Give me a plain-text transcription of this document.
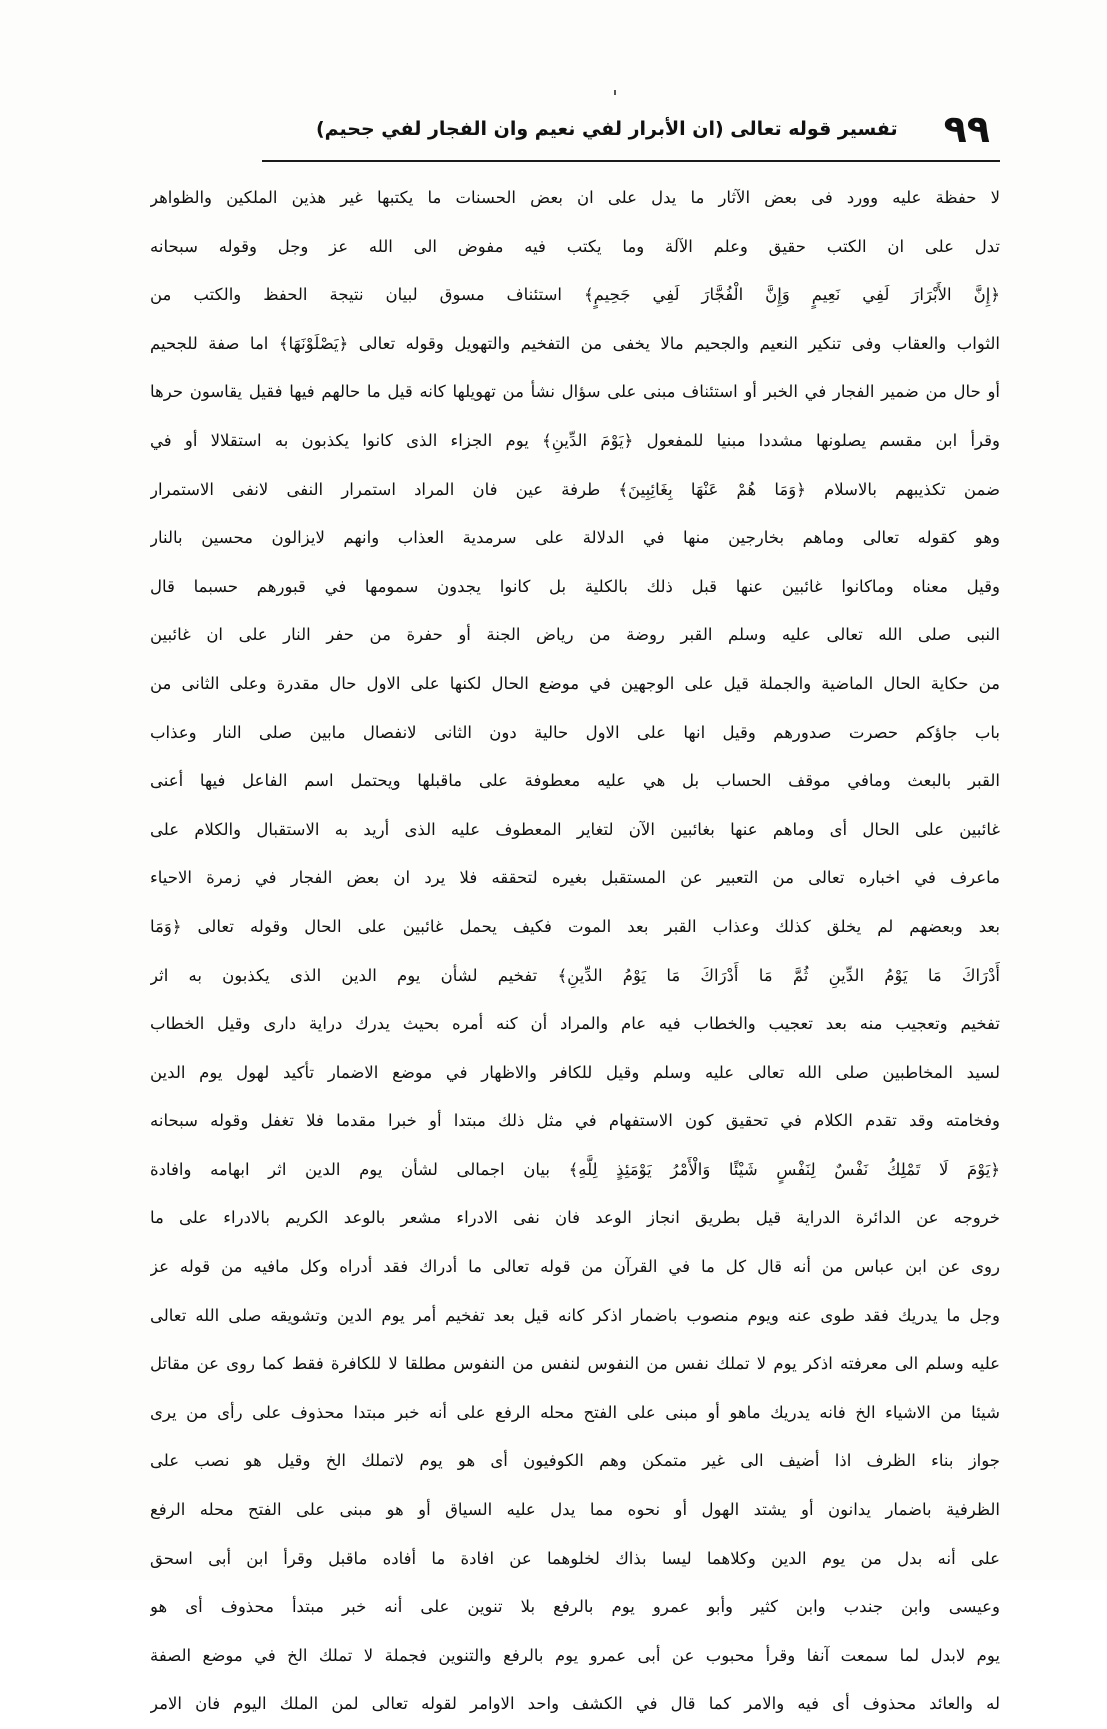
٩٩
تفسير قوله تعالى (ان الأبرار لفي نعيم وان الفجار لفي جحيم)
لا حفظة عليه وورد فى بعض الآثار ما يدل على ان بعض الحسنات ما يكتبها غير هذين الملكين والظواهر
تدل على ان الكتب حقيق وعلم الآلة وما يكتب فيه مفوض الى الله عز وجل وقوله سبحانه
﴿إِنَّ الأَبْرَارَ لَفِي نَعِيمٍ وَإِنَّ الْفُجَّارَ لَفِي جَحِيمٍ﴾ استئناف مسوق لبيان نتيجة الحفظ والكتب من
الثواب والعقاب وفى تنكير النعيم والجحيم مالا يخفى من التفخيم والتهويل وقوله تعالى ﴿يَصْلَوْنَهَا﴾ اما صفة للجحيم
أو حال من ضمير الفجار في الخبر أو استئناف مبنى على سؤال نشأ من تهويلها كانه قيل ما حالهم فيها فقيل يقاسون حرها
وقرأ ابن مقسم يصلونها مشددا مبنيا للمفعول ﴿يَوْمَ الدِّينِ﴾ يوم الجزاء الذى كانوا يكذبون به استقلالا أو في
ضمن تكذيبهم بالاسلام ﴿وَمَا هُمْ عَنْهَا بِغَائِبِينَ﴾ طرفة عين فان المراد استمرار النفى لانفى الاستمرار
وهو كقوله تعالى وماهم بخارجين منها في الدلالة على سرمدية العذاب وانهم لايزالون محسين بالنار
وقيل معناه وماكانوا غائبين عنها قبل ذلك بالكلية بل كانوا يجدون سمومها في قبورهم حسبما قال
النبى صلى الله تعالى عليه وسلم القبر روضة من رياض الجنة أو حفرة من حفر النار على ان غائبين
من حكاية الحال الماضية والجملة قيل على الوجهين في موضع الحال لكنها على الاول حال مقدرة وعلى الثانى من
باب جاؤكم حصرت صدورهم وقيل انها على الاول حالية دون الثانى لانفصال مابين صلى النار وعذاب
القبر بالبعث ومافي موقف الحساب بل هي عليه معطوفة على ماقبلها ويحتمل اسم الفاعل فيها أعنى
غائبين على الحال أى وماهم عنها بغائبين الآن لتغاير المعطوف عليه الذى أريد به الاستقبال والكلام على
ماعرف في اخباره تعالى من التعبير عن المستقبل بغيره لتحققه فلا يرد ان بعض الفجار في زمرة الاحياء
بعد وبعضهم لم يخلق كذلك وعذاب القبر بعد الموت فكيف يحمل غائبين على الحال وقوله تعالى ﴿وَمَا
أَدْرَاكَ مَا يَوْمُ الدِّينِ ثُمَّ مَا أَدْرَاكَ مَا يَوْمُ الدِّينِ﴾ تفخيم لشأن يوم الدين الذى يكذبون به اثر
تفخيم وتعجيب منه بعد تعجيب والخطاب فيه عام والمراد أن كنه أمره بحيث يدرك دراية دارى وقيل الخطاب
لسيد المخاطبين صلى الله تعالى عليه وسلم وقيل للكافر والاظهار في موضع الاضمار تأكيد لهول يوم الدين
وفخامته وقد تقدم الكلام في تحقيق كون الاستفهام في مثل ذلك مبتدا أو خبرا مقدما فلا تغفل وقوله سبحانه
﴿يَوْمَ لَا تَمْلِكُ نَفْسٌ لِنَفْسٍ شَيْئًا وَالْأَمْرُ يَوْمَئِذٍ لِلَّهِ﴾ بيان اجمالى لشأن يوم الدين اثر ابهامه وافادة
خروجه عن الدائرة الدراية قيل بطريق انجاز الوعد فان نفى الادراء مشعر بالوعد الكريم بالادراء على ما
روى عن ابن عباس من أنه قال كل ما في القرآن من قوله تعالى ما أدراك فقد أدراه وكل مافيه من قوله عز
وجل ما يدريك فقد طوى عنه ويوم منصوب باضمار اذكر كانه قيل بعد تفخيم أمر يوم الدين وتشويقه صلى الله تعالى
عليه وسلم الى معرفته اذكر يوم لا تملك نفس من النفوس لنفس من النفوس مطلقا لا للكافرة فقط كما روى عن مقاتل
شيئا من الاشياء الخ فانه يدريك ماهو أو مبنى على الفتح محله الرفع على أنه خبر مبتدا محذوف على رأى من يرى
جواز بناء الظرف اذا أضيف الى غير متمكن وهم الكوفيون أى هو يوم لاتملك الخ وقيل هو نصب على
الظرفية باضمار يدانون أو يشتد الهول أو نحوه مما يدل عليه السياق أو هو مبنى على الفتح محله الرفع
على أنه بدل من يوم الدين وكلاهما ليسا بذاك لخلوهما عن افادة ما أفاده ماقبل وقرأ ابن أبى اسحق
وعيسى وابن جندب وابن كثير وأبو عمرو يوم بالرفع بلا تنوين على أنه خبر مبتدأ محذوف أى هو
يوم لابدل لما سمعت آنفا وقرأ محبوب عن أبى عمرو يوم بالرفع والتنوين فجملة لا تملك الخ في موضع الصفة
له والعائد محذوف أى فيه والامر كما قال في الكشف واحد الاوامر لقوله تعالى لمن الملك اليوم فان الامر
